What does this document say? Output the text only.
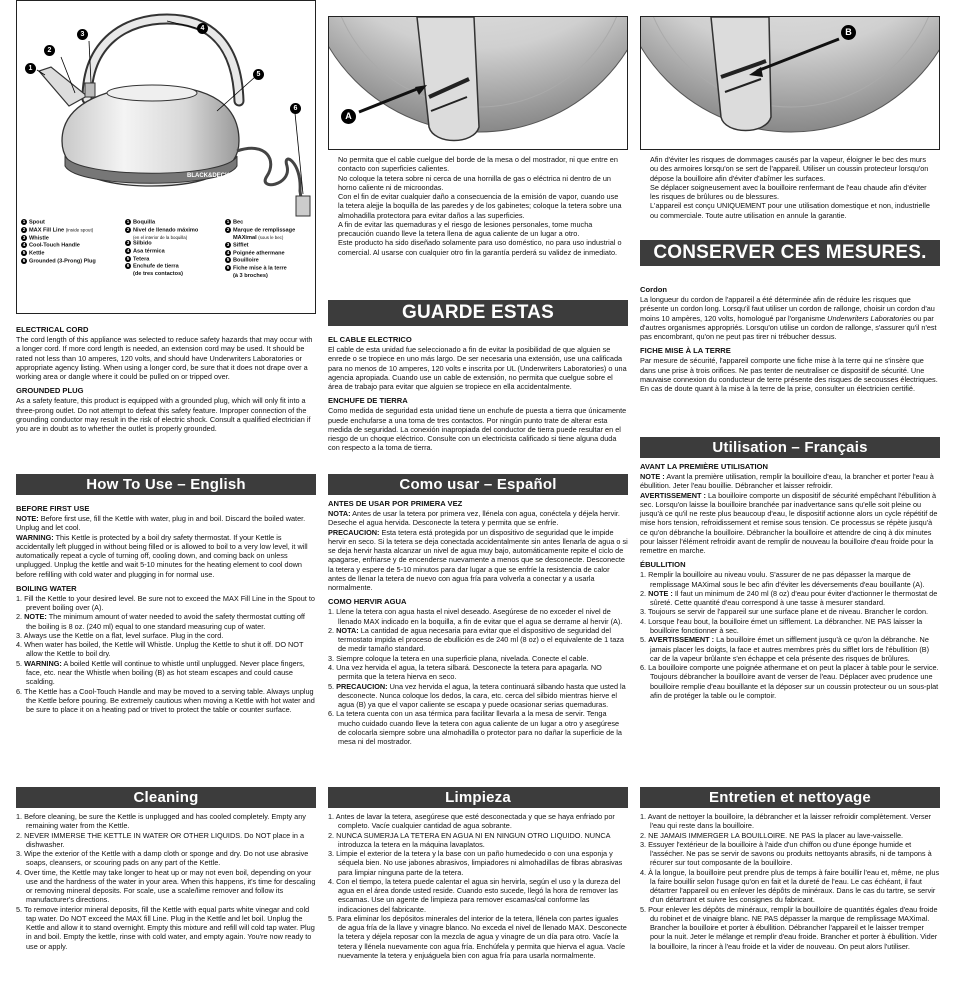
BLACK&DECKER
1
2
3
4
5
6
1 Spout
2 MAX Fill Line (inside spout)
3 Whistle
4 Cool-Touch Handle
5 Kettle
6 Grounded (3-Prong) Plug
1 Boquilla
2 Nivel de llenado máximo
(en el interior de la boquilla)
3 Silbido
4 Asa térmica
5 Tetera
6 Enchufe de tierra
(de tres contactos)
1 Bec
2 Marque de remplissage
MAXimal (sous le bec)
3 Sifflet
4 Poignée athermane
5 Bouilloire
6 Fiche mise à la terre
(à 3 broches)
ELECTRICAL CORD

The cord length of this appliance was selected to reduce safety hazards that may occur with a longer cord. If more cord length is needed, an extension cord may be used. It should be rated not less than 10 amperes, 120 volts, and should have Underwriters Laboratories or appropriate agency listing. When using a longer cord, be sure that it does not drape over a working area or dangle where it could be pulled on or tripped over.

GROUNDED PLUG

As a safety feature, this product is equipped with a grounded plug, which will only fit into a three-prong outlet. Do not attempt to defeat this safety feature. Improper connection of the grounding conductor may result in the risk of electric shock. Consult a qualified electrician if you are in doubt as to whether the outlet is properly grounded.

How To Use – English
BEFORE FIRST USE

NOTE: Before first use, fill the Kettle with water, plug in and boil. Discard the boiled water. Unplug and let cool.

WARNING: This Kettle is protected by a boil dry safety thermostat. If your Kettle is accidentally left plugged in without being filled or is allowed to boil to a very low level, it will automatically repeat a cycle of turning off, cooling down, and coming back on unless unplugged. Unplug the kettle and wait 5-10 minutes for the heating element to cool down before refilling with cold water and plugging in for normal use.

BOILING WATER
1. Fill the Kettle to your desired level. Be sure not to exceed the MAX Fill Line in the Spout to prevent boiling over (A).
2. NOTE: The minimum amount of water needed to avoid the safety thermostat cutting off the boiling is 8 oz. (240 ml) equal to one standard measuring cup of water.
3. Always use the Kettle on a flat, level surface. Plug in the cord.
4. When water has boiled, the Kettle will Whistle. Unplug the Kettle to shut it off. DO NOT allow the Kettle to boil dry.
5. WARNING: A boiled Kettle will continue to whistle until unplugged. Never place fingers, face, etc. near the Whistle when boiling (B) as hot steam escapes and could cause scalding.
6. The Kettle has a Cool-Touch Handle and may be moved to a serving table. Always unplug the Kettle before pouring. Be extremely cautious when moving a Kettle with hot water and be sure to place it on a heating pad or trivet to protect the table or counter surface.
Cleaning
1. Before cleaning, be sure the Kettle is unplugged and has cooled completely. Empty any remaining water from the Kettle.
2. NEVER IMMERSE THE KETTLE IN WATER OR OTHER LIQUIDS. Do NOT place in a dishwasher.
3. Wipe the exterior of the Kettle with a damp cloth or sponge and dry. Do not use abrasive soaps, cleansers, or scouring pads on any part of the Kettle.
4. Over time, the Kettle may take longer to heat up or may not even boil, depending on your use and the hardness of the water in your area. When this happens, it's time for descaling or removing mineral deposits. For scale, use a scale/lime remover and follow its manufacturer's directions.
5. To remove interior mineral deposits, fill the Kettle with equal parts white vinegar and cold tap water. Do NOT exceed the MAX fill Line. Plug in the Kettle and let boil. Unplug the Kettle and allow it to stand overnight. Empty this mixture and refill will cold tap water. Plug in and boil. Empty the kettle, rinse with cold water, and empty again. You're now ready to use or apply.
A

No permita que el cable cuelgue del borde de la mesa o del mostrador, ni que entre en contacto con superficies calientes.
No coloque la tetera sobre ni cerca de una hornilla de gas o eléctrica ni dentro de un horno caliente ni de microondas.
Con el fin de evitar cualquier daño a consecuencia de la emisión de vapor, cuando use la tetera alejje la boquilla de las paredes y de los gabinetes; coloque la tetera sobre una almohadilla protectora para evitar daños a las superficies.
A fin de evitar las quemaduras y el riesgo de lesiones personales, tome mucha precaución cuando lleve la tetera llena de agua caliente de un lugar a otro.
Este producto ha sido diseñado solamente para uso doméstico, no para uso industrial o comercial. Al usarse con cualquier otro fin la garantía perderá su validez de inmediato.

GUARDE ESTAS INSTRUCCIONES
EL CABLE ELECTRICO

El cable de esta unidad fue seleccionado a fin de evitar la posibilidad de que alguien se enrede o se tropiece en uno más largo. De ser necesaria una extensión, use una calificada para no menos de 10 amperes, 120 volts e inscrita por UL (Underwriters Laboratories) o una agencia apropiada. Cuando use un cable de extensión, no permita que cuelgue sobre el área de trabajo para evitar que alguien se tropiece en ella accidentalmente.

ENCHUFE DE TIERRA

Como medida de seguridad esta unidad tiene un enchufe de puesta a tierra que únicamente puede enchufarse a una toma de tres contactos. Por ningún punto trate de alterar esta medida de seguridad. La conexión inapropiada del conductor de tierra puede resultar en el riesgo de un choque eléctrico. Consulte con un electricista calificado si tiene alguna duda con respecto a la toma de tierra.

Como usar – Español
ANTES DE USAR POR PRIMERA VEZ

NOTA: Antes de usar la tetera por primera vez, llénela con agua, conéctela y déjela hervir. Deseche el agua hervida. Desconecte la tetera y permita que se enfríe.

PRECAUCION: Esta tetera está protegida por un dispositivo de seguridad que le impide hervir en seco. Si la tetera se deja conectada accidentalmente sin antes llenarla de agua o si se deja hervir hasta alcanzar un nivel de agua muy bajo, automáticamente repite el ciclo de apagarse, enfriarse y de encenderse nuevamente a menos que se desconecte. Desconecte la tetera y espere de 5-10 minutos para dar lugar a que se enfríe la resistencia de calor antes de llenar la tetera de nuevo con agua fría para volverla a conectar y a usarla normalmente.

COMO HERVIR AGUA
1. Llene la tetera con agua hasta el nivel deseado. Asegúrese de no exceder el nivel de llenado MAX indicado en la boquilla, a fin de evitar que el agua se derrame al hervir (A).
2. NOTA: La cantidad de agua necesaria para evitar que el dispositivo de seguridad del termostato impida el proceso de ebullición es de 240 ml (8 oz) o el equivalente de 1 taza de medir tamaño standard.
3. Siempre coloque la tetera en una superficie plana, nivelada. Conecte el cable.
4. Una vez hervida el agua, la tetera silbará. Desconecte la tetera para apagarla. NO permita que la tetera hierva en seco.
5. PRECAUCION: Una vez hervida el agua, la tetera continuará silbando hasta que usted la desconecte. Nunca coloque los dedos, la cara, etc. cerca del silbido mientras hierve el agua (B) ya que el vapor caliente se escapa y puede ocasionar serias quemaduras.
6. La tetera cuenta con un asa térmica para facilitar llevarla a la mesa de servir. Tenga mucho cuidado cuando lleve la tetera con agua caliente de un lugar a otro y asegúrese de colocarla siempre sobre una almohadilla o protector para no dañar la superficie de la mesa ni del mostrador.
Limpieza
1. Antes de lavar la tetera, asegúrese que esté desconectada y que se haya enfriado por completo. Vacíe cualquier cantidad de agua sobrante.
2. NUNCA SUMERJA LA TETERA EN AGUA NI EN NINGUN OTRO LIQUIDO. NUNCA introduzca la tetera en la máquina lavaplatos.
3. Limpie el exterior de la tetera y la base con un paño humedecido o con una esponja y séquela bien. No use jabones abrasivos, limpiadores ni almohadillas de fibras abrasivas para limpiar ninguna parte de la tetera.
4. Con el tiempo, la tetera puede calentar el agua sin hervirla, según el uso y la dureza del agua en el área donde usted reside. Cuando esto sucede, llegó la hora de remover las escamas. Use un agente de limpieza para remover escamas/cal conforme las indicaciones del fabricante.
5. Para eliminar los depósitos minerales del interior de la tetera, llénela con partes iguales de agua fría de la llave y vinagre blanco. No exceda el nivel de llenado MAX. Desconecte la tetera y déjela reposar con la mezcla de agua y vinagre de un día para otro. Vacíe la tetera y llénela nuevamente con agua fría. Enchúfela y permita que hierva el agua. Vacíe nuevamente la tetera y enjuáguela bien con agua fría para usarla normalmente.
B

Afin d'éviter les risques de dommages causés par la vapeur, éloigner le bec des murs ou des armoires lorsqu'on se sert de l'appareil. Utiliser un coussin protecteur lorsqu'on dépose la bouilloire afin d'éviter d'abîmer les surfaces.
Se déplacer soigneusement avec la bouilloire renfermant de l'eau chaude afin d'éviter les risques de brûlures ou de blessures.
L'appareil est conçu UNIQUEMENT pour une utilisation domestique et non, industrielle ou commerciale. Toute autre utilisation en annule la garantie.

CONSERVER CES MESURES.
Cordon

La longueur du cordon de l'appareil a été déterminée afin de réduire les risques que présente un cordon long. Lorsqu'il faut utiliser un cordon de rallonge, choisir un cordon d'au moins 10 ampères, 120 volts, homologué par l'organisme Underwriters Laboratories ou par d'autres organismes appropriés. Lorsqu'on utilise un cordon de rallonge, s'assurer qu'il n'est pas encombrant, qu'on ne peut pas tirer ni trébucher dessus.

FICHE MISE À LA TERRE

Par mesure de sécurité, l'appareil comporte une fiche mise à la terre qui ne s'insère que dans une prise à trois orifices. Ne pas tenter de neutraliser ce dispositif de sécurité. Une mauvaise connexion du conducteur de terre présente des risques de secousses électriques. En cas de doute quant à la mise à la terre de la prise, consulter un électricien certifié.

Utilisation – Français
AVANT LA PREMIÈRE UTILISATION

NOTE : Avant la première utilisation, remplir la bouilloire d'eau, la brancher et porter l'eau à ébullition. Jeter l'eau bouillie. Débrancher et laisser refroidir.

AVERTISSEMENT : La bouilloire comporte un dispositif de sécurité empêchant l'ébullition à sec. Lorsqu'on laisse la bouilloire branchée par inadvertance sans qu'elle soit pleine ou jusqu'à ce qu'il ne reste plus beaucoup d'eau, le dispositif actionne alors un cycle répétitif de mise hors tension, refroidissement et remise sous tension. Ce processus se répète jusqu'à ce qu'on débranche la bouilloire. Débrancher la bouilloire et attendre de cinq à dix minutes pour laisser l'élément refroidir avant de remplir de nouveau la bouilloire d'eau froide pour la remettre en marche.

ÉBULLITION
1. Remplir la bouilloire au niveau voulu. S'assurer de ne pas dépasser la marque de remplissage MAXimal sous le bec afin d'éviter les déversements d'eau bouillante (A).
2. NOTE : Il faut un minimum de 240 ml (8 oz) d'eau pour éviter d'actionner le thermostat de sûreté. Cette quantité d'eau correspond à une tasse à mesurer standard.
3. Toujours se servir de l'appareil sur une surface plane et de niveau. Brancher le cordon.
4. Lorsque l'eau bout, la bouilloire émet un sifflement. La débrancher. NE PAS laisser la bouilloire fonctionner à sec.
5. AVERTISSEMENT : La bouilloire émet un sifflement jusqu'à ce qu'on la débranche. Ne jamais placer les doigts, la face et autres membres près du sifflet lors de l'ébullition (B) car de la vapeur brûlante s'en échappe et cela présente des risques de brûlures.
6. La bouilloire comporte une poignée athermane et on peut la placer à table pour le service. Toujours débrancher la bouilloire avant de verser de l'eau. Déplacer avec prudence une bouilloire remplie d'eau bouillante et la déposer sur un coussin protecteur ou un sous-plat afin de protéger la table ou le comptoir.
Entretien et nettoyage
1. Avant de nettoyer la bouilloire, la débrancher et la laisser refroidir complètement. Verser l'eau qui reste dans la bouilloire.
2. NE JAMAIS IMMERGER LA BOUILLOIRE. NE PAS la placer au lave-vaisselle.
3. Essuyer l'extérieur de la bouilloire à l'aide d'un chiffon ou d'une éponge humide et l'assécher. Ne pas se servir de savons ou produits nettoyants abrasifs, ni de tampons à récurer sur tout composante de la bouilloire.
4. À la longue, la bouilloire peut prendre plus de temps à faire bouillir l'eau et, même, ne plus la faire bouillir selon l'usage qu'on en fait et la dureté de l'eau. Le cas échéant, il faut détartrer l'appareil ou en enlever les dépôts de minéraux. Dans le cas du tartre, se servir d'un détartrant et suivre les consignes du fabricant.
5. Pour enlever les dépôts de minéraux, remplir la bouilloire de quantités égales d'eau froide du robinet et de vinaigre blanc. NE PAS dépasser la marque de remplissage MAXimal. Brancher la bouilloire et porter à ébullition. Débrancher l'appareil et le laisser tremper pour la nuit. Jeter le mélange et remplir d'eau froide. Brancher et porter à ébullition. Vider la bouilloire, la rincer à l'eau froide et la vider de nouveau. On peut alors l'utiliser.
